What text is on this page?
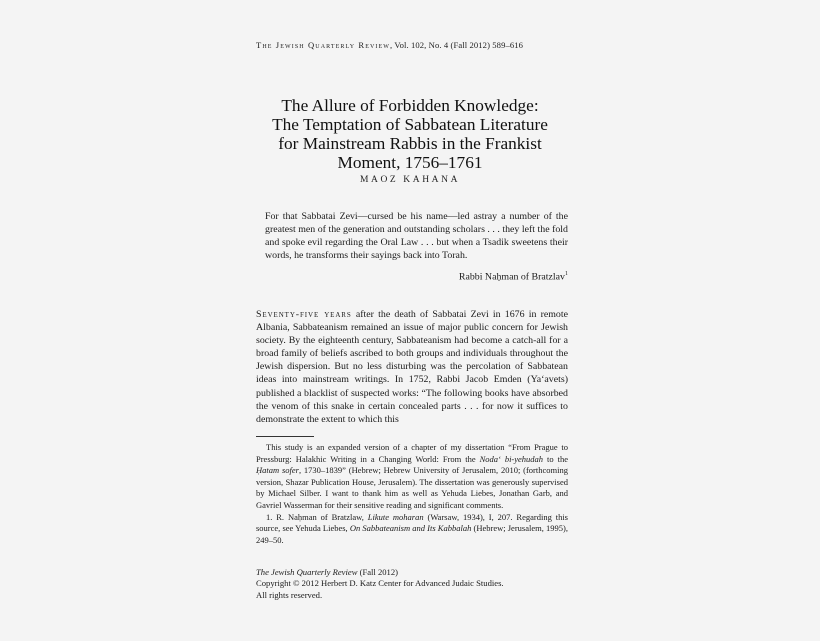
The Jewish Quarterly Review, Vol. 102, No. 4 (Fall 2012) 589–616
The Allure of Forbidden Knowledge:
The Temptation of Sabbatean Literature
for Mainstream Rabbis in the Frankist
Moment, 1756–1761
MAOZ KAHANA
For that Sabbatai Zevi—cursed be his name—led astray a number of the greatest men of the generation and outstanding scholars . . . they left the fold and spoke evil regarding the Oral Law . . . but when a Tsadik sweetens their words, he transforms their sayings back into Torah.
Rabbi Naḥman of Bratzlav$^1$
Seventy-five years after the death of Sabbatai Zevi in 1676 in remote Albania, Sabbateanism remained an issue of major public concern for Jewish society. By the eighteenth century, Sabbateanism had become a catch-all for a broad family of beliefs ascribed to both groups and individuals throughout the Jewish dispersion. But no less disturbing was the percolation of Sabbatean ideas into mainstream writings. In 1752, Rabbi Jacob Emden (Ya‘avets) published a blacklist of suspected works: “The following books have absorbed the venom of this snake in certain concealed parts . . . for now it suffices to demonstrate the extent to which this

This study is an expanded version of a chapter of my dissertation “From Prague to Pressburg: Halakhic Writing in a Changing World: From the Noda‘ bi-yehudah to the Ḥatam sofer, 1730–1839” (Hebrew; Hebrew University of Jerusalem, 2010; (forthcoming version, Shazar Publication House, Jerusalem). The dissertation was generously supervised by Michael Silber. I want to thank him as well as Yehuda Liebes, Jonathan Garb, and Gavriel Wasserman for their sensitive reading and significant comments.

1. R. Naḥman of Bratzlaw, Likute moharan (Warsaw, 1934), I, 207. Regarding this source, see Yehuda Liebes, On Sabbateanism and Its Kabbalah (Hebrew; Jerusalem, 1995), 249–50.

The Jewish Quarterly Review (Fall 2012)
Copyright © 2012 Herbert D. Katz Center for Advanced Judaic Studies.
All rights reserved.
